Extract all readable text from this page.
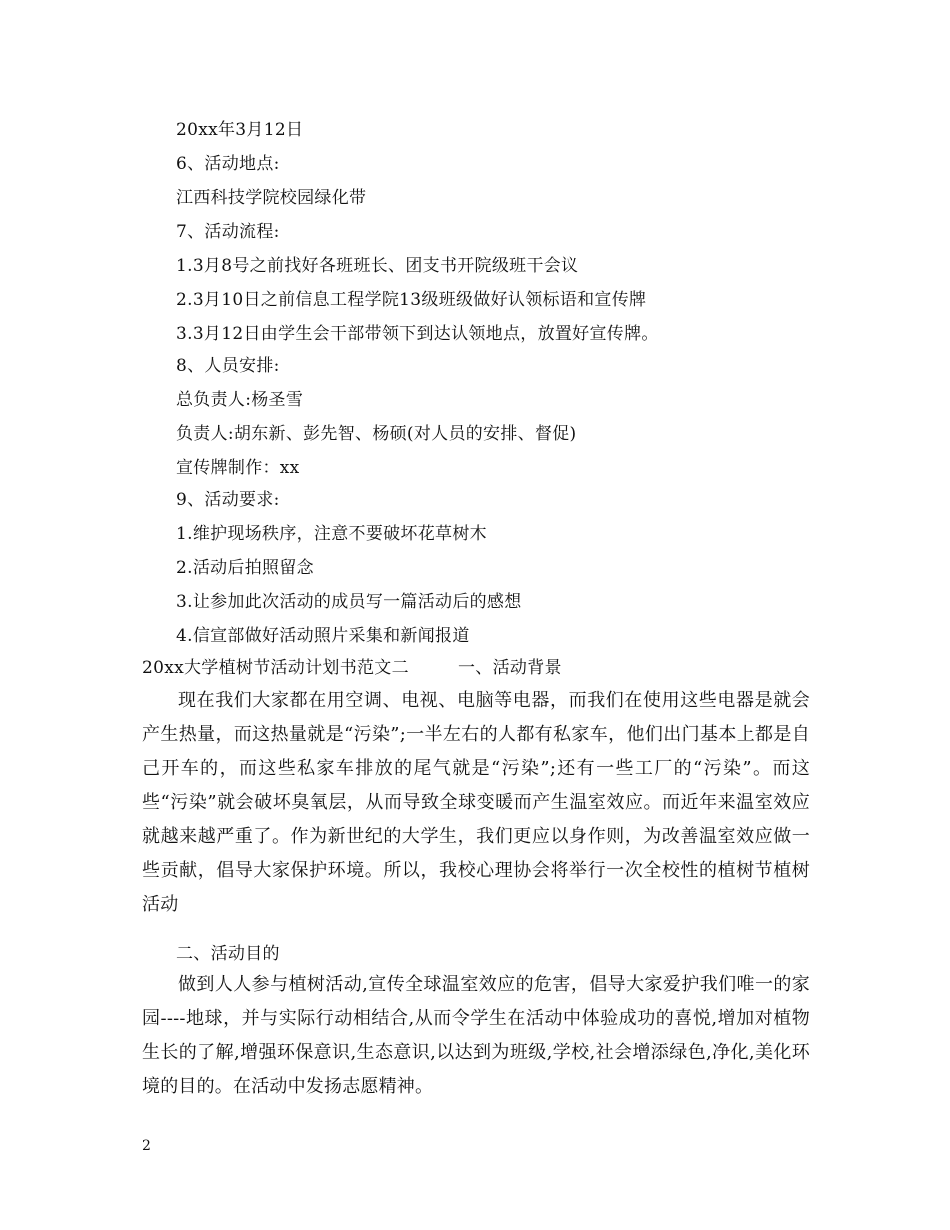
20xx年3月12日
6、活动地点:
江西科技学院校园绿化带
7、活动流程:
1.3月8号之前找好各班班长、团支书开院级班干会议
2.3月10日之前信息工程学院13级班级做好认领标语和宣传牌
3.3月12日由学生会干部带领下到达认领地点，放置好宣传牌。
8、人员安排:
总负责人:杨圣雪
负责人:胡东新、彭先智、杨硕(对人员的安排、督促)
宣传牌制作：xx
9、活动要求:
1.维护现场秩序，注意不要破坏花草树木
2.活动后拍照留念
3.让参加此次活动的成员写一篇活动后的感想
4.信宣部做好活动照片采集和新闻报道
20xx大学植树节活动计划书范文二	一、活动背景
现在我们大家都在用空调、电视、电脑等电器，而我们在使用这些电器是就会产生热量，而这热量就是“污染”;一半左右的人都有私家车，他们出门基本上都是自己开车的，而这些私家车排放的尾气就是“污染”;还有一些工厂的“污染”。而这些“污染”就会破坏臭氧层，从而导致全球变暖而产生温室效应。而近年来温室效应就越来越严重了。作为新世纪的大学生，我们更应以身作则，为改善温室效应做一些贡献，倡导大家保护环境。所以，我校心理协会将举行一次全校性的植树节植树活动
二、活动目的
做到人人参与植树活动,宣传全球温室效应的危害，倡导大家爱护我们唯一的家园----地球，并与实际行动相结合,从而令学生在活动中体验成功的喜悦,增加对植物生长的了解,增强环保意识,生态意识,以达到为班级,学校,社会增添绿色,净化,美化环境的目的。在活动中发扬志愿精神。
2
